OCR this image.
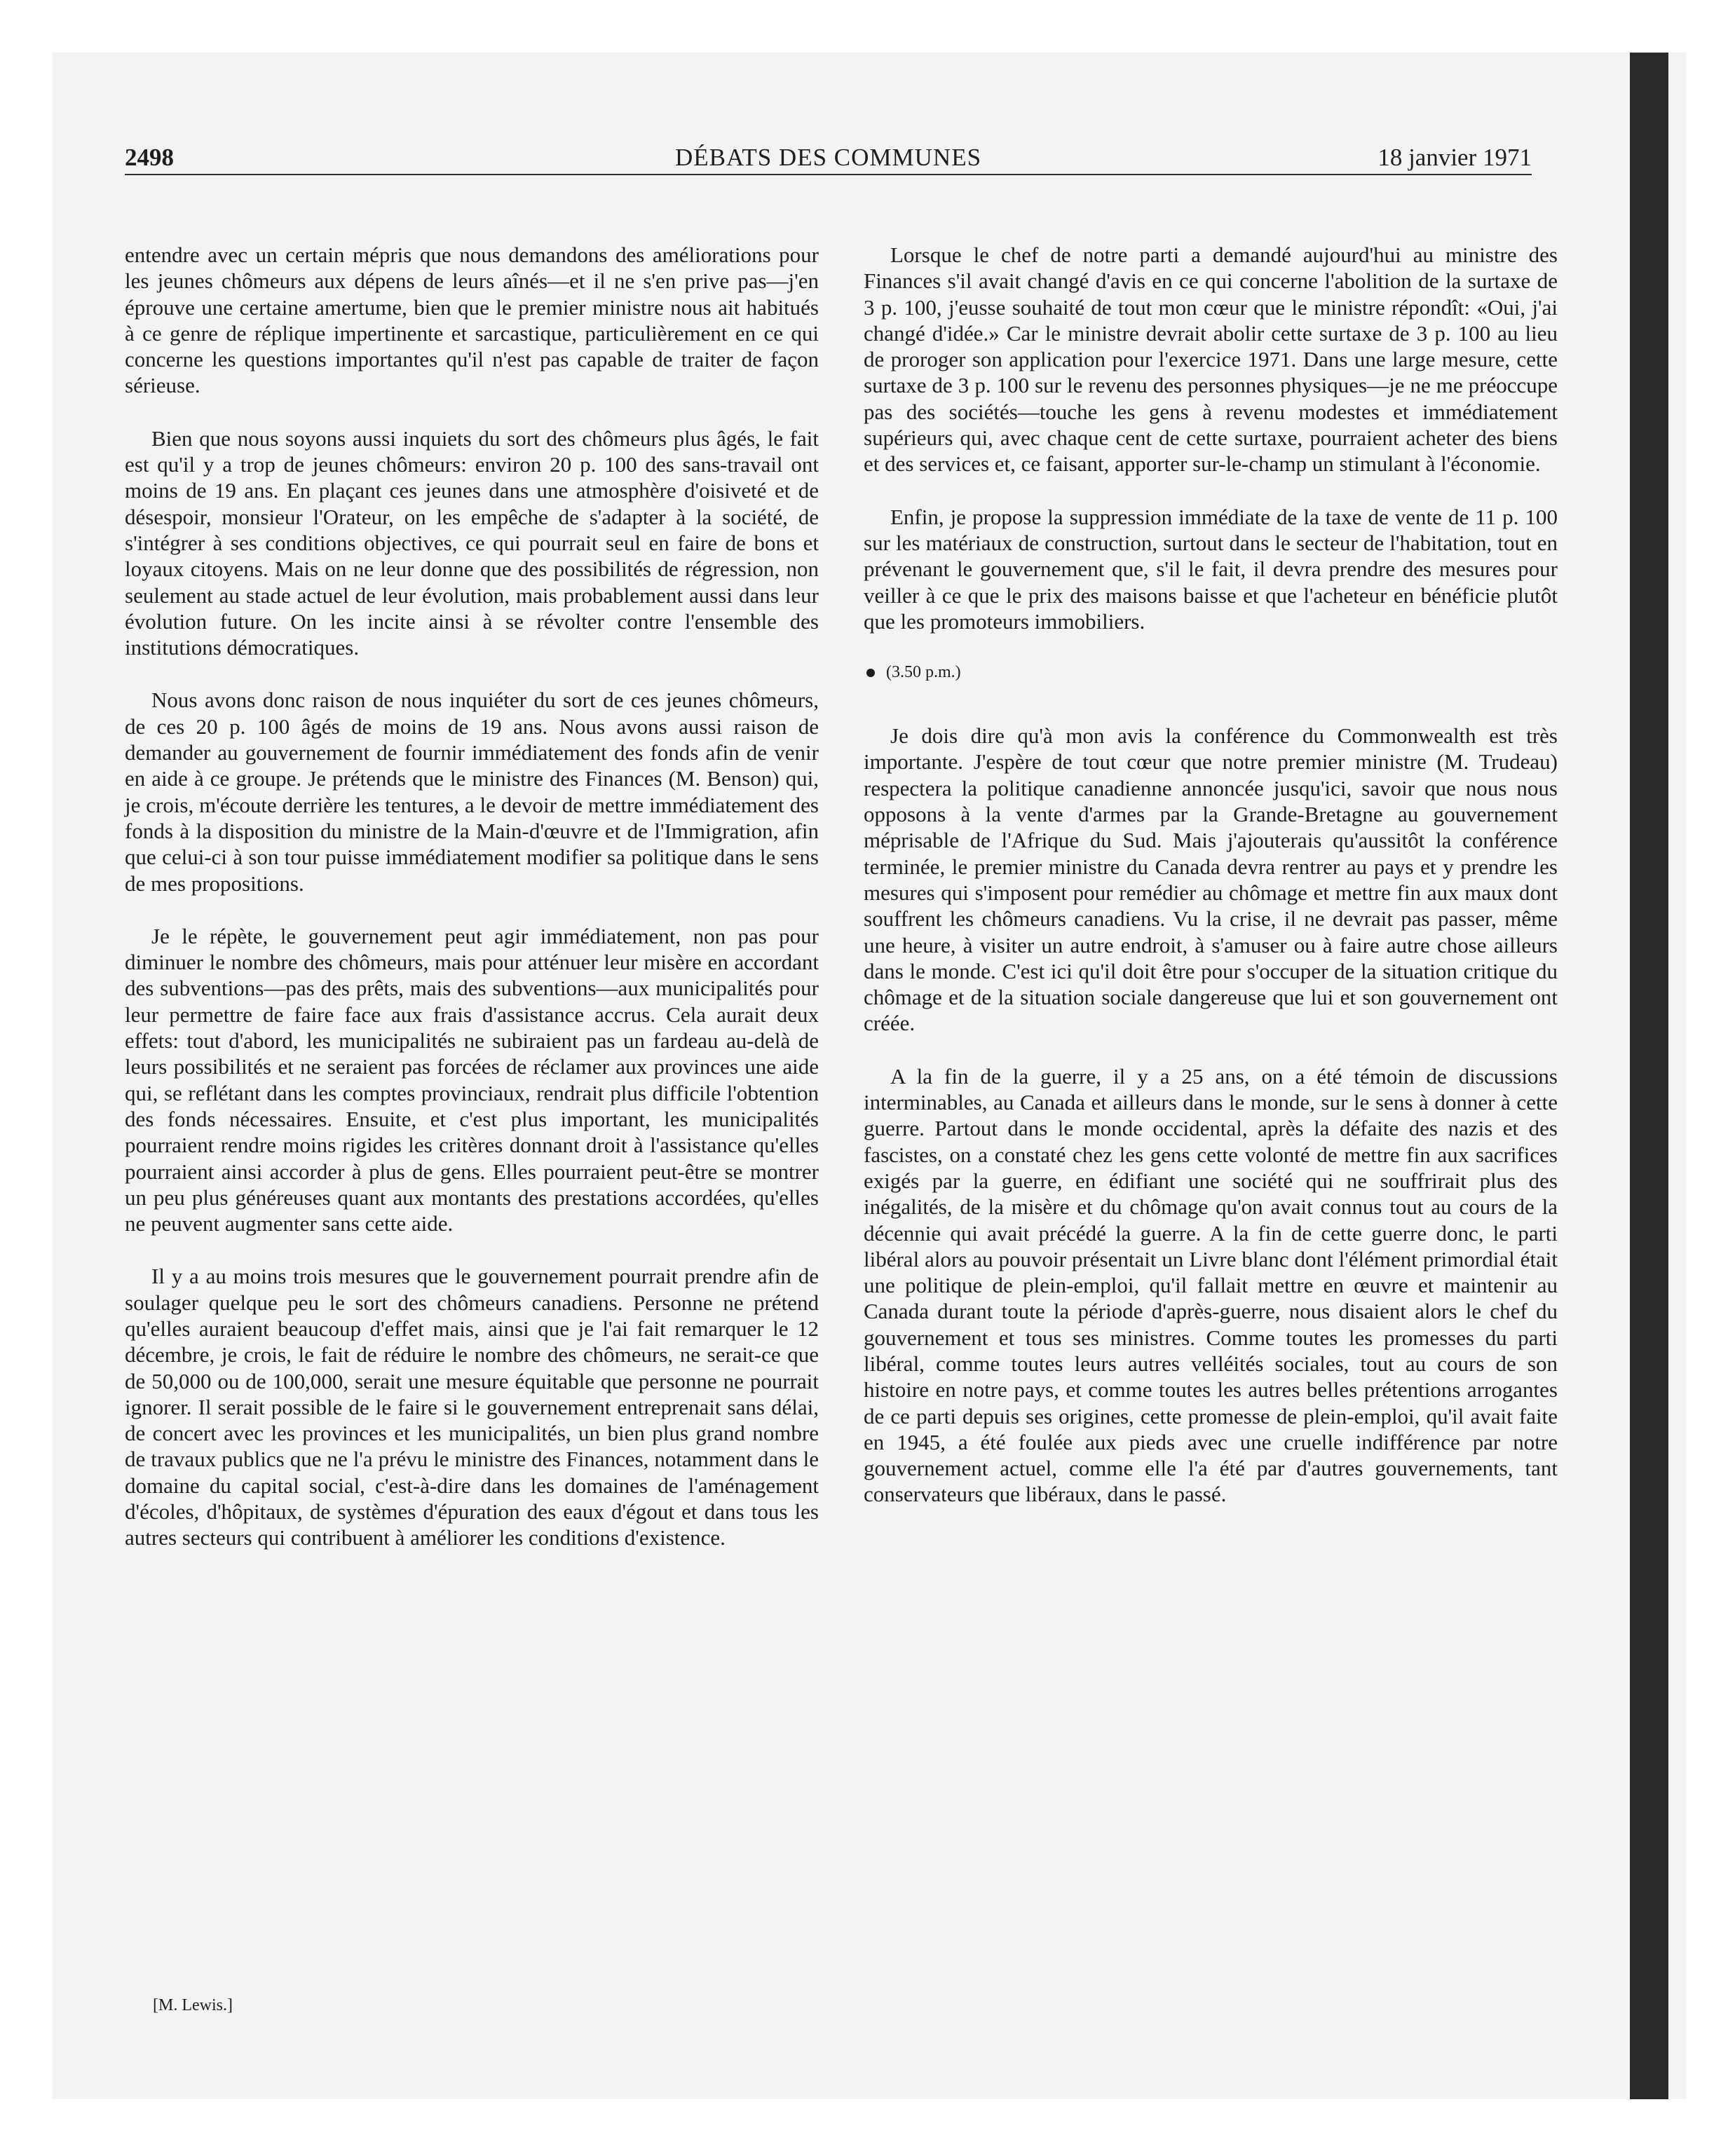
2498	DÉBATS DES COMMUNES	18 janvier 1971

entendre avec un certain mépris que nous demandons des améliorations pour les jeunes chômeurs aux dépens de leurs aînés—et il ne s'en prive pas—j'en éprouve une certaine amertume, bien que le premier ministre nous ait habitués à ce genre de réplique impertinente et sarcastique, particulièrement en ce qui concerne les questions importantes qu'il n'est pas capable de traiter de façon sérieuse.

Bien que nous soyons aussi inquiets du sort des chômeurs plus âgés, le fait est qu'il y a trop de jeunes chômeurs: environ 20 p. 100 des sans-travail ont moins de 19 ans. En plaçant ces jeunes dans une atmosphère d'oisiveté et de désespoir, monsieur l'Orateur, on les empêche de s'adapter à la société, de s'intégrer à ses conditions objectives, ce qui pourrait seul en faire de bons et loyaux citoyens. Mais on ne leur donne que des possibilités de régression, non seulement au stade actuel de leur évolution, mais probablement aussi dans leur évolution future. On les incite ainsi à se révolter contre l'ensemble des institutions démocratiques.

Nous avons donc raison de nous inquiéter du sort de ces jeunes chômeurs, de ces 20 p. 100 âgés de moins de 19 ans. Nous avons aussi raison de demander au gouvernement de fournir immédiatement des fonds afin de venir en aide à ce groupe. Je prétends que le ministre des Finances (M. Benson) qui, je crois, m'écoute derrière les tentures, a le devoir de mettre immédiatement des fonds à la disposition du ministre de la Main-d'œuvre et de l'Immigration, afin que celui-ci à son tour puisse immédiatement modifier sa politique dans le sens de mes propositions.

Je le répète, le gouvernement peut agir immédiatement, non pas pour diminuer le nombre des chômeurs, mais pour atténuer leur misère en accordant des subventions—pas des prêts, mais des subventions—aux municipalités pour leur permettre de faire face aux frais d'assistance accrus. Cela aurait deux effets: tout d'abord, les municipalités ne subiraient pas un fardeau au-delà de leurs possibilités et ne seraient pas forcées de réclamer aux provinces une aide qui, se reflétant dans les comptes provinciaux, rendrait plus difficile l'obtention des fonds nécessaires. Ensuite, et c'est plus important, les municipalités pourraient rendre moins rigides les critères donnant droit à l'assistance qu'elles pourraient ainsi accorder à plus de gens. Elles pourraient peut-être se montrer un peu plus généreuses quant aux montants des prestations accordées, qu'elles ne peuvent augmenter sans cette aide.

Il y a au moins trois mesures que le gouvernement pourrait prendre afin de soulager quelque peu le sort des chômeurs canadiens. Personne ne prétend qu'elles auraient beaucoup d'effet mais, ainsi que je l'ai fait remarquer le 12 décembre, je crois, le fait de réduire le nombre des chômeurs, ne serait-ce que de 50,000 ou de 100,000, serait une mesure équitable que personne ne pourrait ignorer. Il serait possible de le faire si le gouvernement entreprenait sans délai, de concert avec les provinces et les municipalités, un bien plus grand nombre de travaux publics que ne l'a prévu le ministre des Finances, notamment dans le domaine du capital social, c'est-à-dire dans les domaines de l'aménagement d'écoles, d'hôpitaux, de systèmes d'épuration des eaux d'égout et dans tous les autres secteurs qui contribuent à améliorer les conditions d'existence.

Lorsque le chef de notre parti a demandé aujourd'hui au ministre des Finances s'il avait changé d'avis en ce qui concerne l'abolition de la surtaxe de 3 p. 100, j'eusse souhaité de tout mon cœur que le ministre répondît: «Oui, j'ai changé d'idée.» Car le ministre devrait abolir cette surtaxe de 3 p. 100 au lieu de proroger son application pour l'exercice 1971. Dans une large mesure, cette surtaxe de 3 p. 100 sur le revenu des personnes physiques—je ne me préoccupe pas des sociétés—touche les gens à revenu modestes et immédiatement supérieurs qui, avec chaque cent de cette surtaxe, pourraient acheter des biens et des services et, ce faisant, apporter sur-le-champ un stimulant à l'économie.

Enfin, je propose la suppression immédiate de la taxe de vente de 11 p. 100 sur les matériaux de construction, surtout dans le secteur de l'habitation, tout en prévenant le gouvernement que, s'il le fait, il devra prendre des mesures pour veiller à ce que le prix des maisons baisse et que l'acheteur en bénéficie plutôt que les promoteurs immobiliers.

(3.50 p.m.)

Je dois dire qu'à mon avis la conférence du Commonwealth est très importante. J'espère de tout cœur que notre premier ministre (M. Trudeau) respectera la politique canadienne annoncée jusqu'ici, savoir que nous nous opposons à la vente d'armes par la Grande-Bretagne au gouvernement méprisable de l'Afrique du Sud. Mais j'ajouterais qu'aussitôt la conférence terminée, le premier ministre du Canada devra rentrer au pays et y prendre les mesures qui s'imposent pour remédier au chômage et mettre fin aux maux dont souffrent les chômeurs canadiens. Vu la crise, il ne devrait pas passer, même une heure, à visiter un autre endroit, à s'amuser ou à faire autre chose ailleurs dans le monde. C'est ici qu'il doit être pour s'occuper de la situation critique du chômage et de la situation sociale dangereuse que lui et son gouvernement ont créée.

A la fin de la guerre, il y a 25 ans, on a été témoin de discussions interminables, au Canada et ailleurs dans le monde, sur le sens à donner à cette guerre. Partout dans le monde occidental, après la défaite des nazis et des fascistes, on a constaté chez les gens cette volonté de mettre fin aux sacrifices exigés par la guerre, en édifiant une société qui ne souffrirait plus des inégalités, de la misère et du chômage qu'on avait connus tout au cours de la décennie qui avait précédé la guerre. A la fin de cette guerre donc, le parti libéral alors au pouvoir présentait un Livre blanc dont l'élément primordial était une politique de plein-emploi, qu'il fallait mettre en œuvre et maintenir au Canada durant toute la période d'après-guerre, nous disaient alors le chef du gouvernement et tous ses ministres. Comme toutes les promesses du parti libéral, comme toutes leurs autres velléités sociales, tout au cours de son histoire en notre pays, et comme toutes les autres belles prétentions arrogantes de ce parti depuis ses origines, cette promesse de plein-emploi, qu'il avait faite en 1945, a été foulée aux pieds avec une cruelle indifférence par notre gouvernement actuel, comme elle l'a été par d'autres gouvernements, tant conservateurs que libéraux, dans le passé.

[M. Lewis.]
